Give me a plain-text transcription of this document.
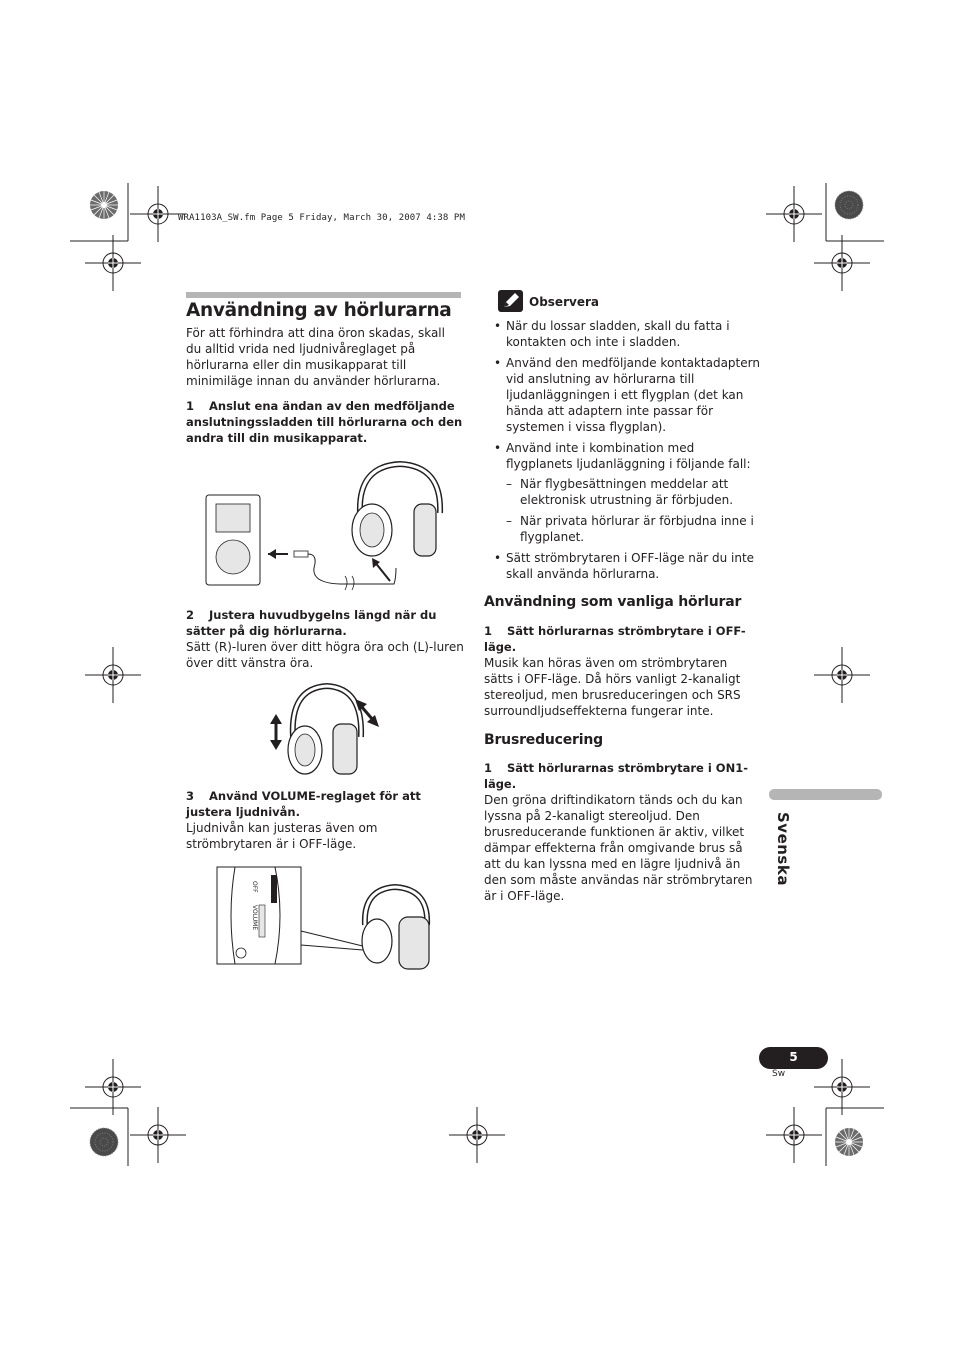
WRA1103A_SW.fm Page 5 Friday, March 30, 2007 4:38 PM
Användning av hörlurarna

För att förhindra att dina öron skadas, skall du alltid vrida ned ljudnivåreglaget på hörlurarna eller din musikapparat till minimiläge innan du använder hörlurarna.

1 Anslut ena ändan av den medföljande anslutningssladden till hörlurarna och den andra till din musikapparat.

2 Justera huvudbygelns längd när du sätter på dig hörlurarna.

Sätt (R)-luren över ditt högra öra och (L)-luren över ditt vänstra öra.

3 Använd VOLUME-reglaget för att justera ljudnivån.

Ljudnivån kan justeras även om strömbrytaren är i OFF-läge.

VOLUME
OFF
Observera
• När du lossar sladden, skall du fatta i kontakten och inte i sladden.
• Använd den medföljande kontaktadaptern vid anslutning av hörlurarna till ljudanläggningen i ett flygplan (det kan hända att adaptern inte passar för systemen i vissa flygplan).
• Använd inte i kombination med flygplanets ljudanläggning i följande fall:
– När flygbesättningen meddelar att elektronisk utrustning är förbjuden.
– När privata hörlurar är förbjudna inne i flygplanet.
• Sätt strömbrytaren i OFF-läge när du inte skall använda hörlurarna.
Användning som vanliga hörlurar

1 Sätt hörlurarnas strömbrytare i OFF-läge.

Musik kan höras även om strömbrytaren sätts i OFF-läge. Då hörs vanligt 2-kanaligt stereoljud, men brusreduceringen och SRS surroundljudseffekterna fungerar inte.

Brusreducering

1 Sätt hörlurarnas strömbrytare i ON1-läge.

Den gröna driftindikatorn tänds och du kan lyssna på 2-kanaligt stereoljud. Den brusreducerande funktionen är aktiv, vilket dämpar effekterna från omgivande brus så att du kan lyssna med en lägre ljudnivå än den som måste användas när strömbrytaren är i OFF-läge.

Svenska
5
Sw
